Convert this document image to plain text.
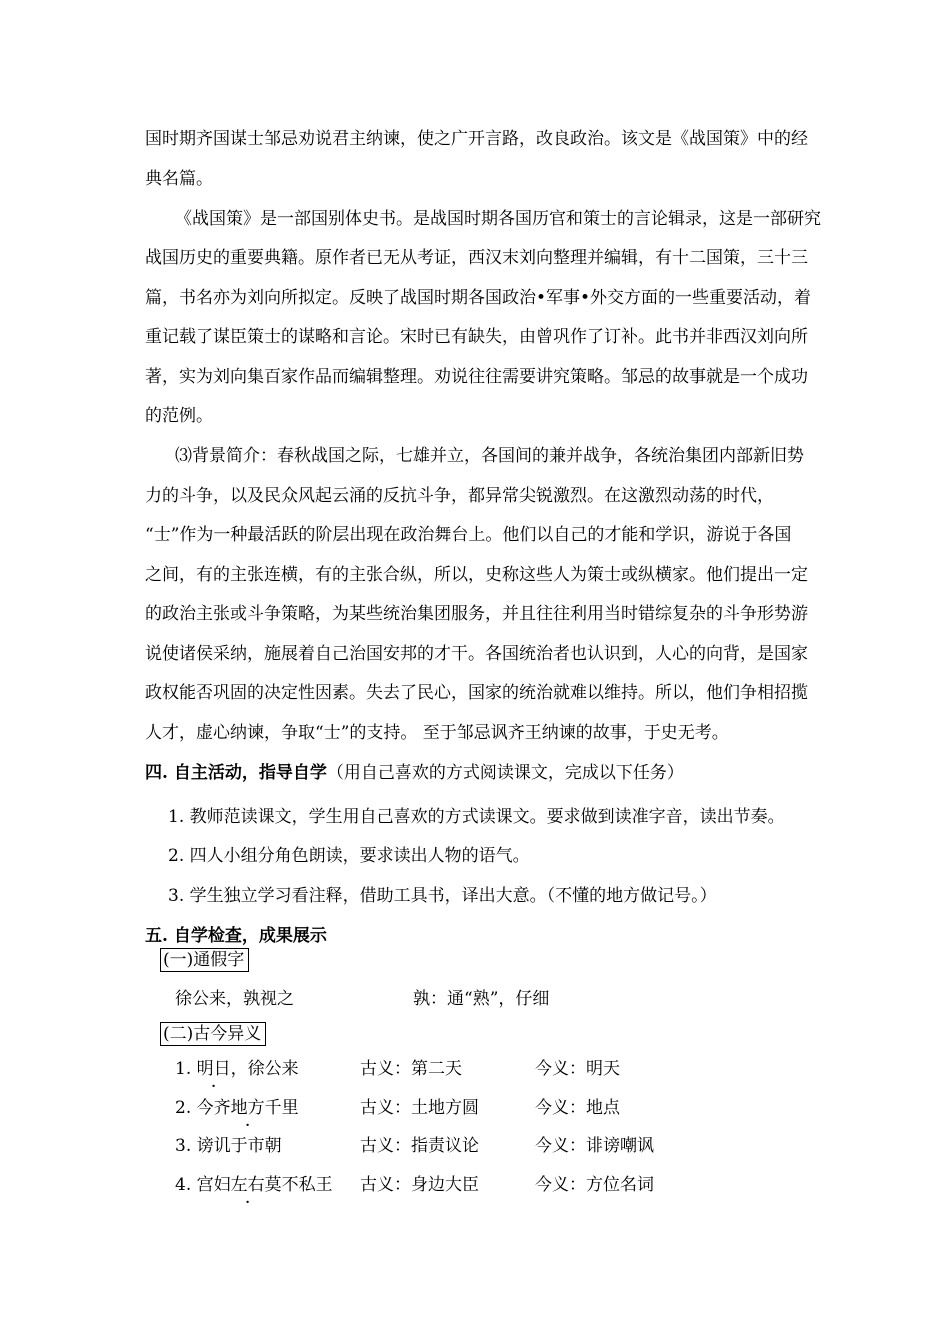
国时期齐国谋士邹忌劝说君主纳谏，使之广开言路，改良政治。该文是《战国策》中的经
典名篇。
《战国策》是一部国别体史书。是战国时期各国历官和策士的言论辑录，这是一部研究
战国历史的重要典籍。原作者已无从考证，西汉末刘向整理并编辑，有十二国策，三十三
篇，书名亦为刘向所拟定。反映了战国时期各国政治•军事•外交方面的一些重要活动，着
重记载了谋臣策士的谋略和言论。宋时已有缺失，由曾巩作了订补。此书并非西汉刘向所
著，实为刘向集百家作品而编辑整理。劝说往往需要讲究策略。邹忌的故事就是一个成功
的范例。
⑶背景简介：春秋战国之际，七雄并立，各国间的兼并战争，各统治集团内部新旧势
力的斗争，以及民众风起云涌的反抗斗争，都异常尖锐激烈。在这激烈动荡的时代，
“士”作为一种最活跃的阶层出现在政治舞台上。他们以自己的才能和学识，游说于各国
之间，有的主张连横，有的主张合纵，所以，史称这些人为策士或纵横家。他们提出一定
的政治主张或斗争策略，为某些统治集团服务，并且往往利用当时错综复杂的斗争形势游
说使诸侯采纳，施展着自己治国安邦的才干。各国统治者也认识到，人心的向背，是国家
政权能否巩固的决定性因素。失去了民心，国家的统治就难以维持。所以，他们争相招揽
人才，虚心纳谏，争取“士”的支持。 至于邹忌讽齐王纳谏的故事，于史无考。
四. 自主活动，指导自学（用自己喜欢的方式阅读课文，完成以下任务）
1. 教师范读课文，学生用自己喜欢的方式读课文。要求做到读准字音，读出节奏。
2. 四人小组分角色朗读，要求读出人物的语气。
3. 学生独立学习看注释，借助工具书，译出大意。（不懂的地方做记号。）
五. 自学检查，成果展示
(一)通假字
徐公来，孰视之	孰：通“熟”，仔细
(二)古今异义
1. 明日，徐公来	古义：第二天	今义：明天
2. 今齐地方千里	古义：土地方圆	今义：地点
3. 谤讥于市朝	古义：指责议论	今义：诽谤嘲讽
4. 宫妇左右莫不私王 古义：身边大臣	今义：方位名词
